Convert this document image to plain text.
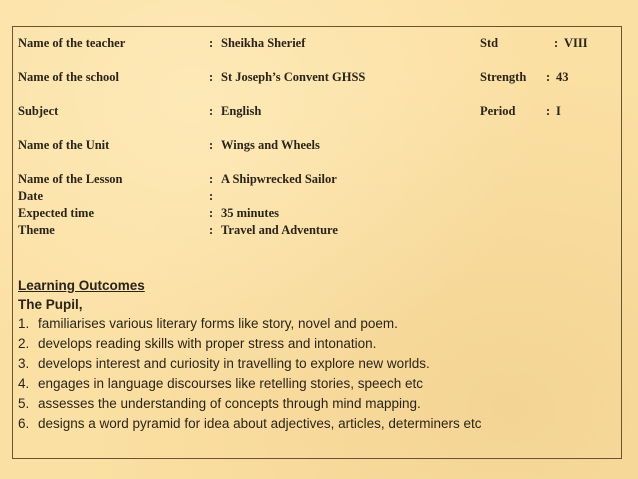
Name of the teacher	: Sheikha Sherief	Std	: VIII
Name of the school	: St Joseph’s Convent GHSS	Strength : 43
Subject	: English	Period : I
Name of the Unit	: Wings and Wheels
Name of the Lesson	: A Shipwrecked Sailor
Date	:
Expected time	: 35 minutes
Theme	: Travel and Adventure
Learning Outcomes
The Pupil,
1. familiarises various literary forms like story, novel and poem.
2. develops reading skills with proper stress and intonation.
3. develops interest and curiosity in travelling to explore new worlds.
4. engages in language discourses like retelling stories, speech etc
5. assesses the understanding of concepts through mind mapping.
6. designs a word pyramid for idea about adjectives, articles, determiners etc
